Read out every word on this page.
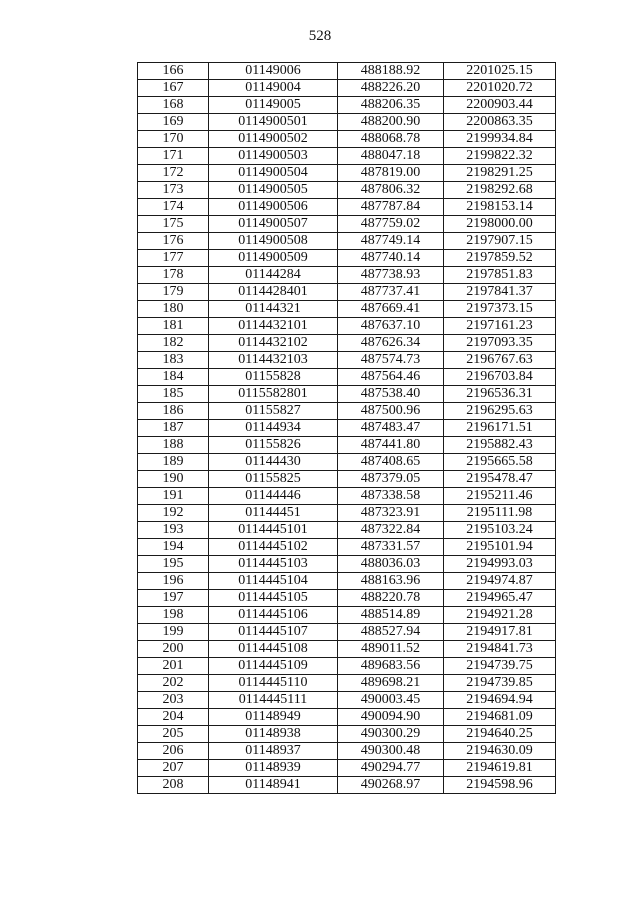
528
166	01149006	488188.92	2201025.15
167	01149004	488226.20	2201020.72
168	01149005	488206.35	2200903.44
169	0114900501	488200.90	2200863.35
170	0114900502	488068.78	2199934.84
171	0114900503	488047.18	2199822.32
172	0114900504	487819.00	2198291.25
173	0114900505	487806.32	2198292.68
174	0114900506	487787.84	2198153.14
175	0114900507	487759.02	2198000.00
176	0114900508	487749.14	2197907.15
177	0114900509	487740.14	2197859.52
178	01144284	487738.93	2197851.83
179	0114428401	487737.41	2197841.37
180	01144321	487669.41	2197373.15
181	0114432101	487637.10	2197161.23
182	0114432102	487626.34	2197093.35
183	0114432103	487574.73	2196767.63
184	01155828	487564.46	2196703.84
185	0115582801	487538.40	2196536.31
186	01155827	487500.96	2196295.63
187	01144934	487483.47	2196171.51
188	01155826	487441.80	2195882.43
189	01144430	487408.65	2195665.58
190	01155825	487379.05	2195478.47
191	01144446	487338.58	2195211.46
192	01144451	487323.91	2195111.98
193	0114445101	487322.84	2195103.24
194	0114445102	487331.57	2195101.94
195	0114445103	488036.03	2194993.03
196	0114445104	488163.96	2194974.87
197	0114445105	488220.78	2194965.47
198	0114445106	488514.89	2194921.28
199	0114445107	488527.94	2194917.81
200	0114445108	489011.52	2194841.73
201	0114445109	489683.56	2194739.75
202	0114445110	489698.21	2194739.85
203	0114445111	490003.45	2194694.94
204	01148949	490094.90	2194681.09
205	01148938	490300.29	2194640.25
206	01148937	490300.48	2194630.09
207	01148939	490294.77	2194619.81
208	01148941	490268.97	2194598.96
